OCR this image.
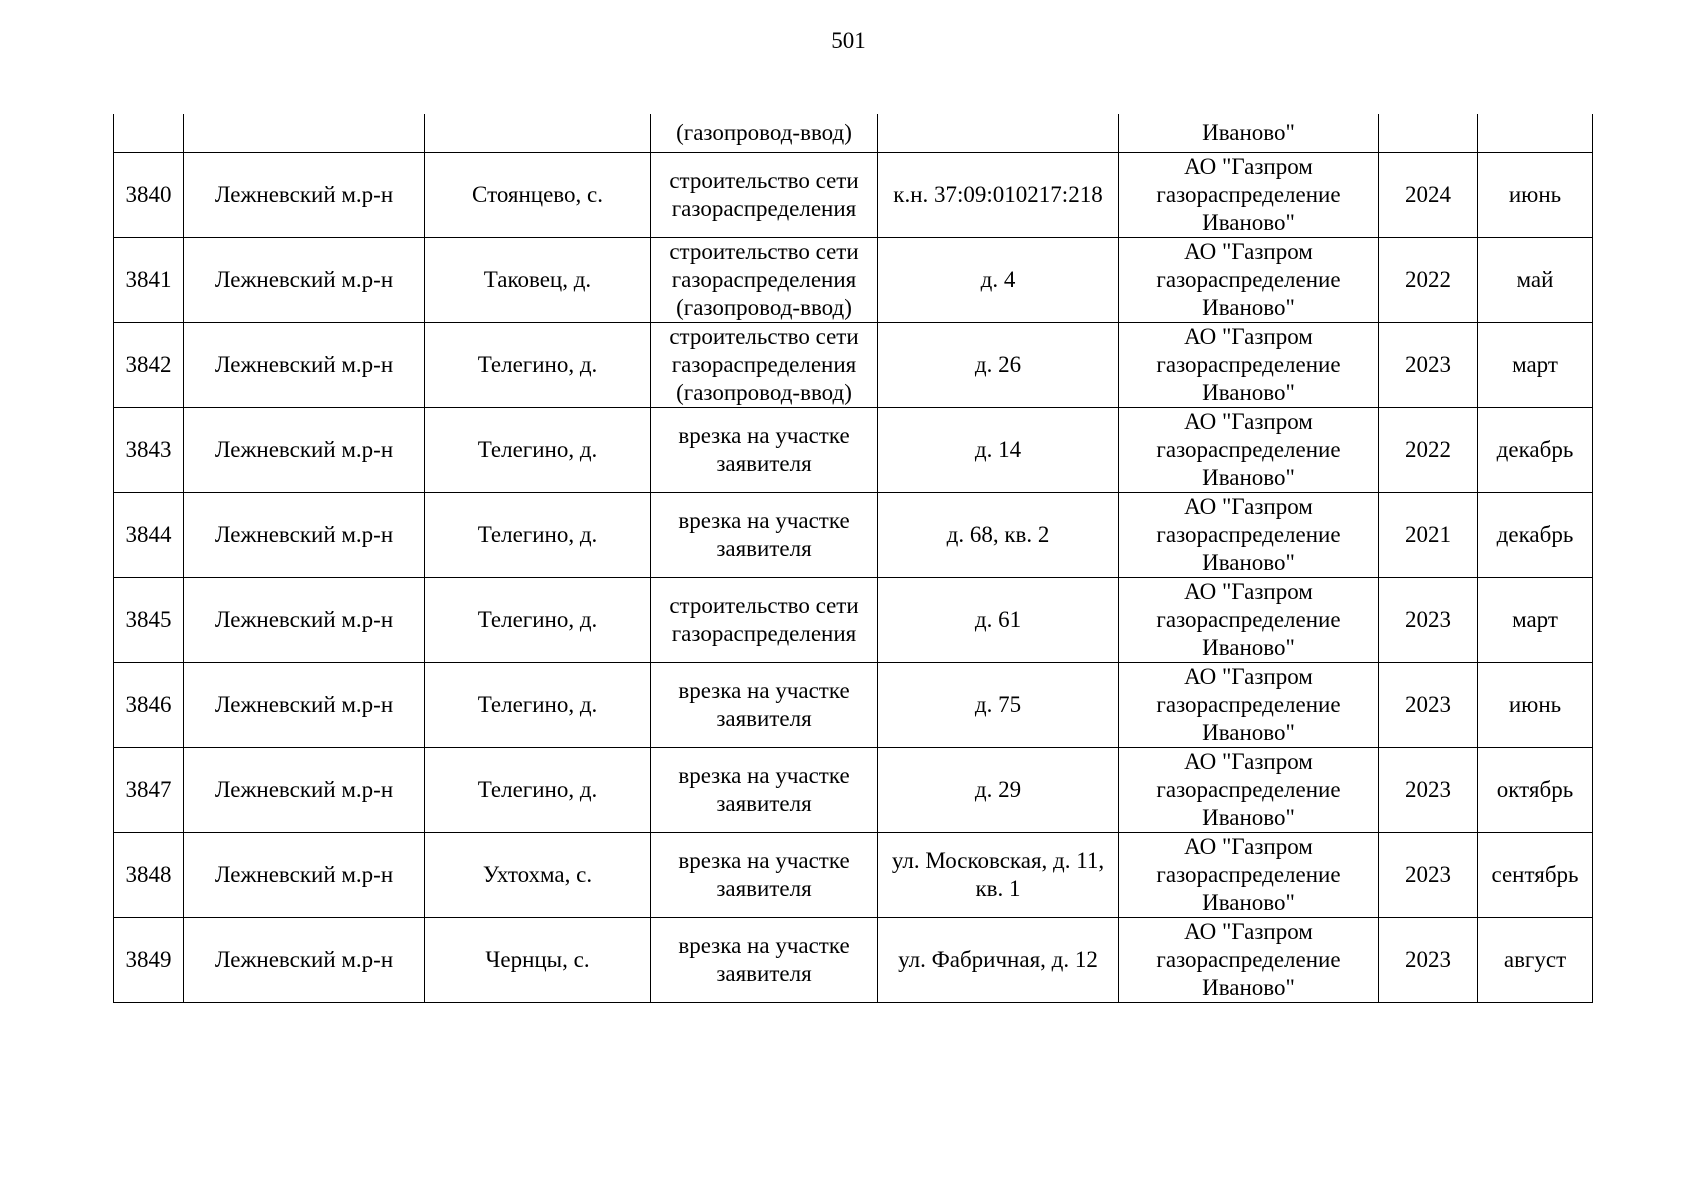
501
			(газопровод-ввод)		Иваново"		
3840	Лежневский м.р-н	Стоянцево, с.	строительство сети газораспределения	к.н. 37:09:010217:218	АО "Газпром газораспределение Иваново"	2024	июнь
3841	Лежневский м.р-н	Таковец, д.	строительство сети газораспределения (газопровод-ввод)	д. 4	АО "Газпром газораспределение Иваново"	2022	май
3842	Лежневский м.р-н	Телегино, д.	строительство сети газораспределения (газопровод-ввод)	д. 26	АО "Газпром газораспределение Иваново"	2023	март
3843	Лежневский м.р-н	Телегино, д.	врезка на участке заявителя	д. 14	АО "Газпром газораспределение Иваново"	2022	декабрь
3844	Лежневский м.р-н	Телегино, д.	врезка на участке заявителя	д. 68, кв. 2	АО "Газпром газораспределение Иваново"	2021	декабрь
3845	Лежневский м.р-н	Телегино, д.	строительство сети газораспределения	д. 61	АО "Газпром газораспределение Иваново"	2023	март
3846	Лежневский м.р-н	Телегино, д.	врезка на участке заявителя	д. 75	АО "Газпром газораспределение Иваново"	2023	июнь
3847	Лежневский м.р-н	Телегино, д.	врезка на участке заявителя	д. 29	АО "Газпром газораспределение Иваново"	2023	октябрь
3848	Лежневский м.р-н	Ухтохма, с.	врезка на участке заявителя	ул. Московская, д. 11, кв. 1	АО "Газпром газораспределение Иваново"	2023	сентябрь
3849	Лежневский м.р-н	Чернцы, с.	врезка на участке заявителя	ул. Фабричная, д. 12	АО "Газпром газораспределение Иваново"	2023	август
